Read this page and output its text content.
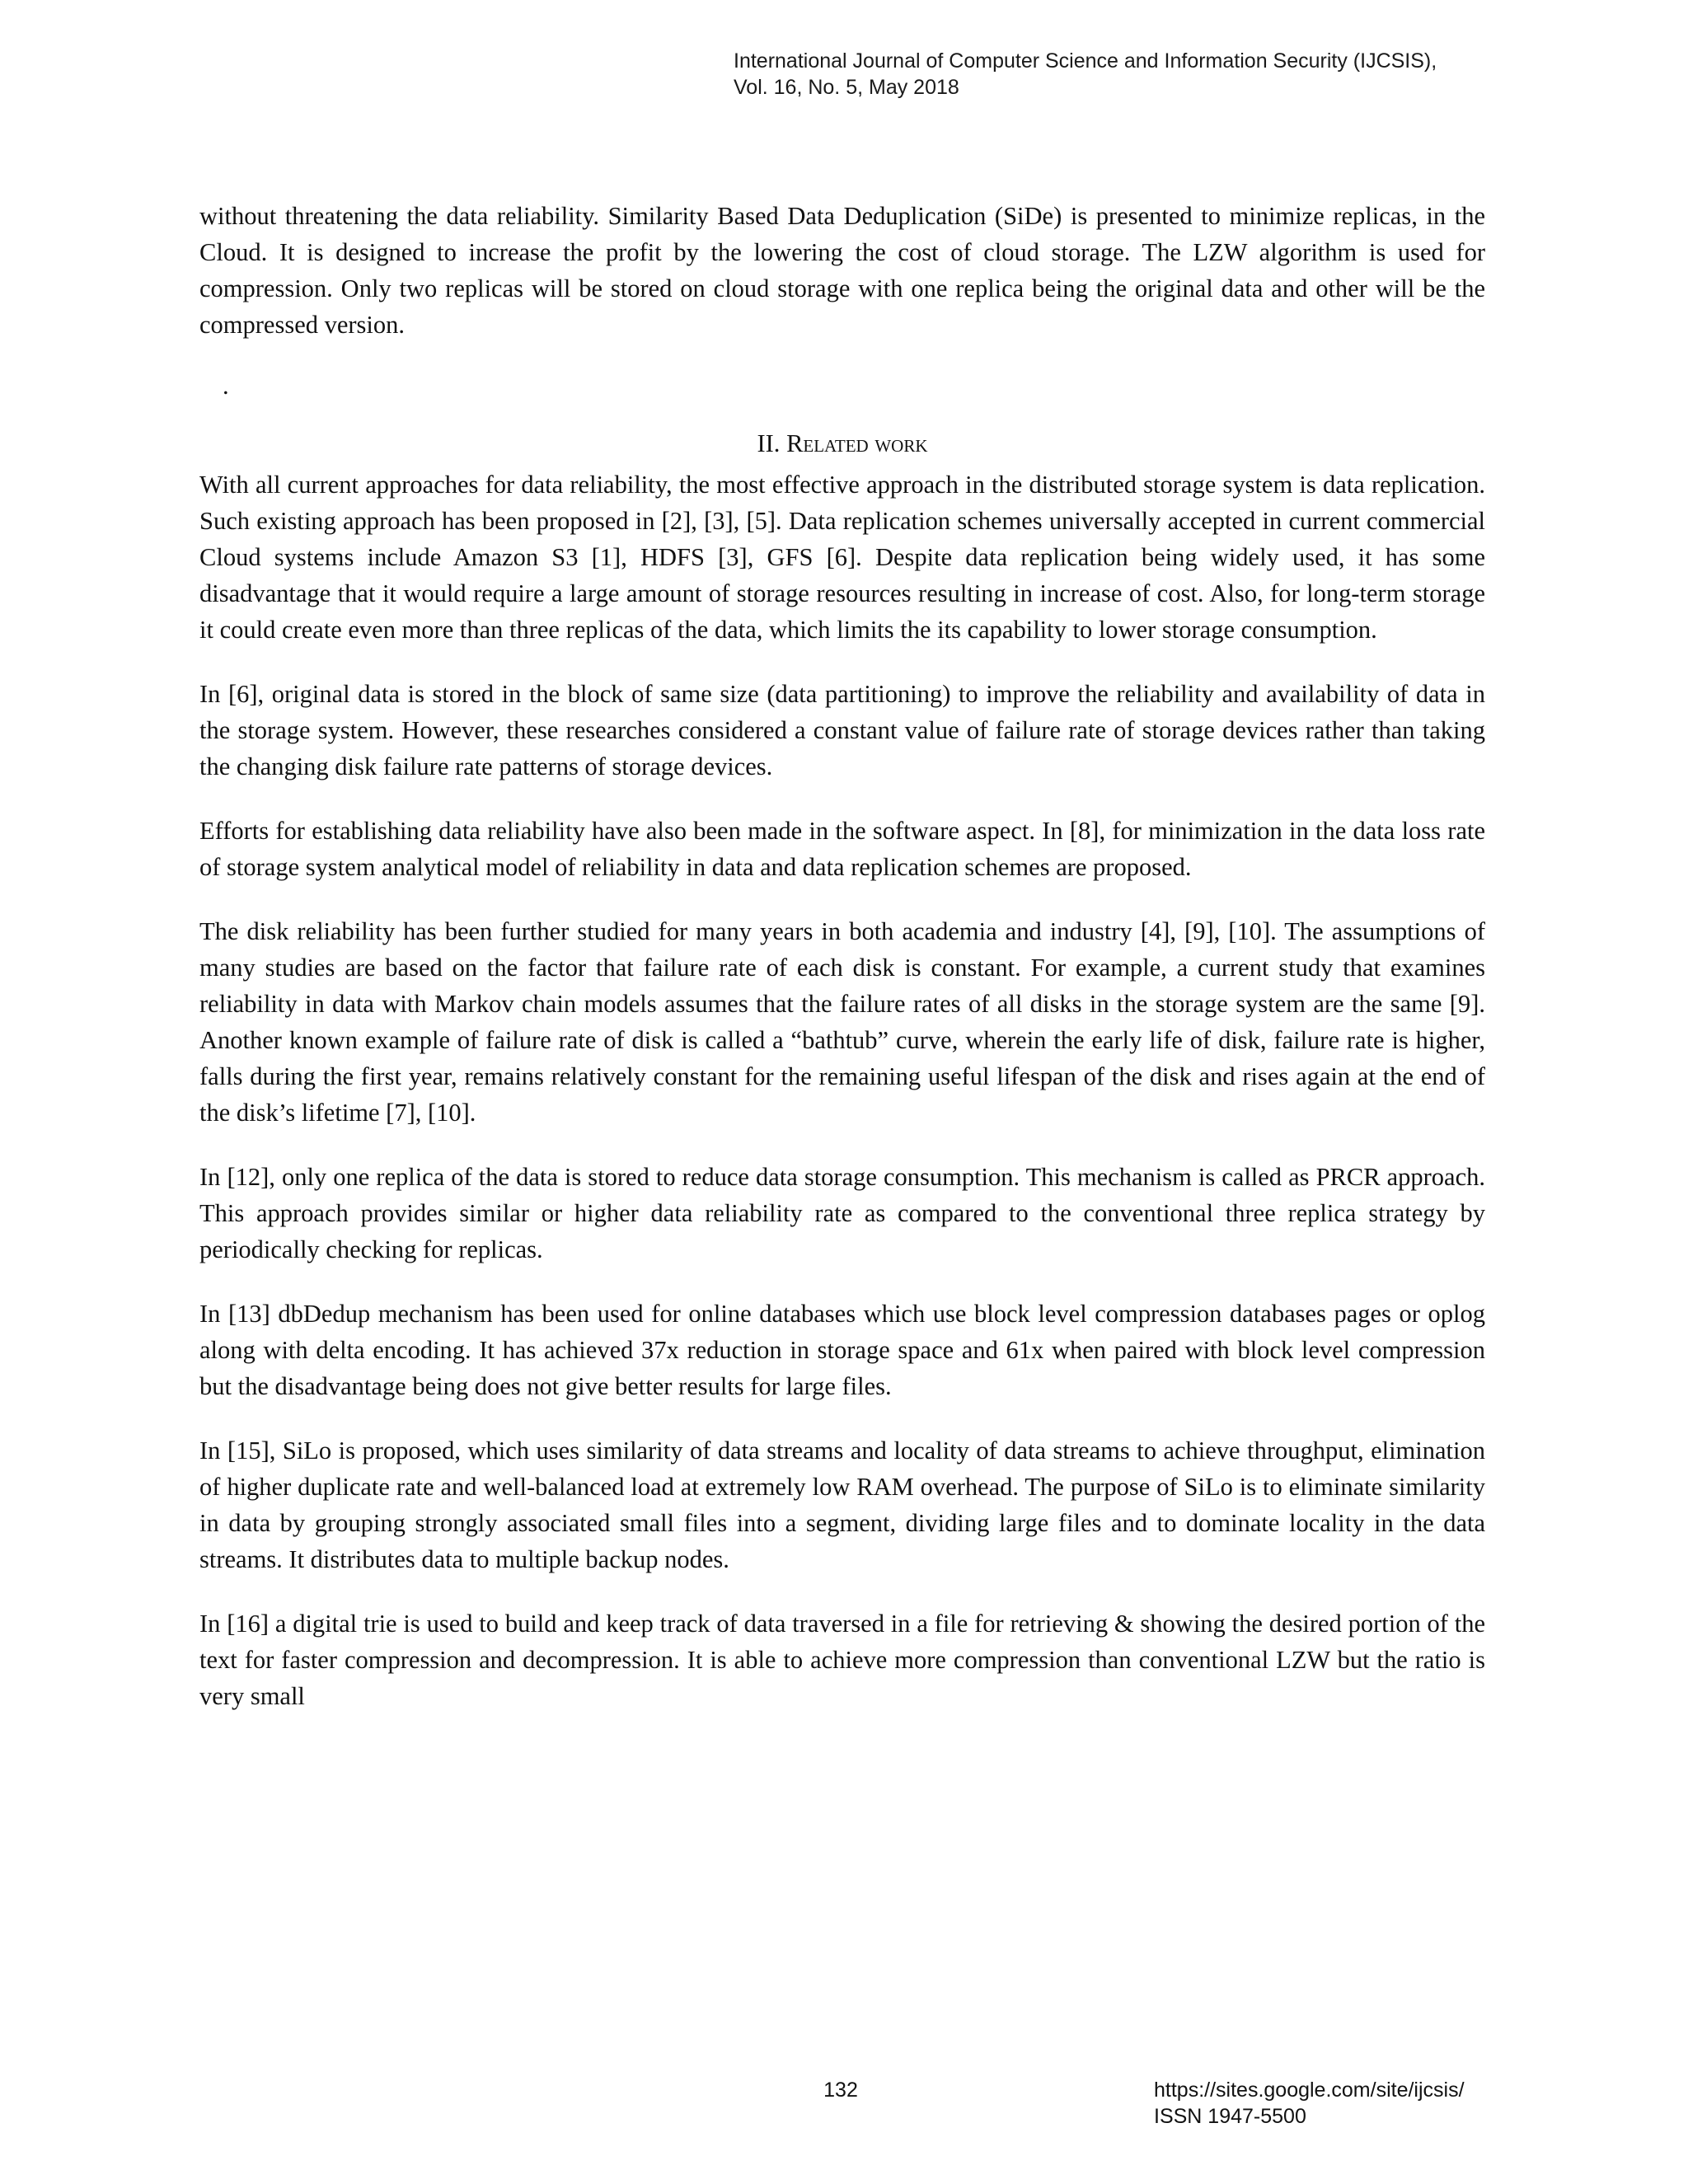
International Journal of Computer Science and Information Security (IJCSIS),
Vol. 16, No. 5, May 2018

without threatening the data reliability. Similarity Based Data Deduplication (SiDe) is presented to minimize replicas, in the Cloud. It is designed to increase the profit by the lowering the cost of cloud storage. The LZW algorithm is used for compression. Only two replicas will be stored on cloud storage with one replica being the original data and other will be the compressed version.

.
II. Related work

With all current approaches for data reliability, the most effective approach in the distributed storage system is data replication. Such existing approach has been proposed in [2], [3], [5]. Data replication schemes universally accepted in current commercial Cloud systems include Amazon S3 [1], HDFS [3], GFS [6]. Despite data replication being widely used, it has some disadvantage that it would require a large amount of storage resources resulting in increase of cost. Also, for long-term storage it could create even more than three replicas of the data, which limits the its capability to lower storage consumption.

In [6], original data is stored in the block of same size (data partitioning) to improve the reliability and availability of data in the storage system. However, these researches considered a constant value of failure rate of storage devices rather than taking the changing disk failure rate patterns of storage devices.

Efforts for establishing data reliability have also been made in the software aspect. In [8], for minimization in the data loss rate of storage system analytical model of reliability in data and data replication schemes are proposed.

The disk reliability has been further studied for many years in both academia and industry [4], [9], [10]. The assumptions of many studies are based on the factor that failure rate of each disk is constant. For example, a current study that examines reliability in data with Markov chain models assumes that the failure rates of all disks in the storage system are the same [9]. Another known example of failure rate of disk is called a “bathtub” curve, wherein the early life of disk, failure rate is higher, falls during the first year, remains relatively constant for the remaining useful lifespan of the disk and rises again at the end of the disk’s lifetime [7], [10].

In [12], only one replica of the data is stored to reduce data storage consumption. This mechanism is called as PRCR approach. This approach provides similar or higher data reliability rate as compared to the conventional three replica strategy by periodically checking for replicas.

In [13] dbDedup mechanism has been used for online databases which use block level compression databases pages or oplog along with delta encoding. It has achieved 37x reduction in storage space and 61x when paired with block level compression but the disadvantage being does not give better results for large files.

In [15], SiLo is proposed, which uses similarity of data streams and locality of data streams to achieve throughput, elimination of higher duplicate rate and well-balanced load at extremely low RAM overhead. The purpose of SiLo is to eliminate similarity in data by grouping strongly associated small files into a segment, dividing large files and to dominate locality in the data streams. It distributes data to multiple backup nodes.

In [16] a digital trie is used to build and keep track of data traversed in a file for retrieving & showing the desired portion of the text for faster compression and decompression. It is able to achieve more compression than conventional LZW but the ratio is very small

132	https://sites.google.com/site/ijcsis/
ISSN 1947-5500
